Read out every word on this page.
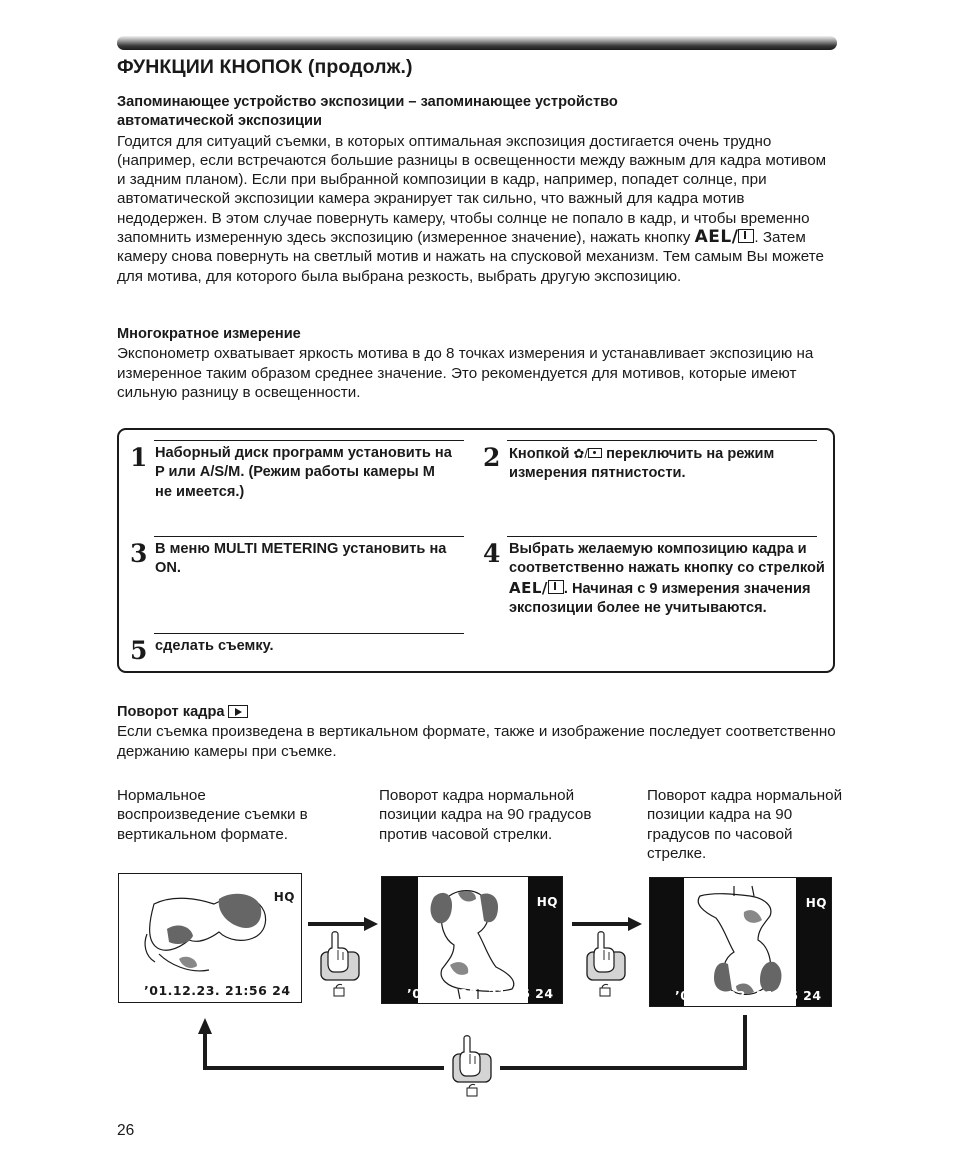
ФУНКЦИИ КНОПОК (продолж.)

Запоминающее устройство экспозиции – запоминающее устройство
автоматической экспозиции

Годится для ситуаций съемки, в которых оптимальная экспозиция достигается очень трудно (например, если встречаются большие разницы в освещенности между важным для кадра мотивом и задним планом). Если при выбранной композиции в кадр, например, попадет солнце, при автоматической экспозиции камера экранирует так сильно, что важный для кадра мотив недодержен. В этом случае повернуть камеру, чтобы солнце не попало в кадр, и чтобы временно запомнить измеренную здесь экспозицию (измеренное значение), нажать кнопку AEL/ . Затем камеру снова повернуть на светлый мотив и нажать на спусковой механизм. Тем самым Вы можете для мотива, для которого была выбрана резкость, выбрать другую экспозицию.

Многократное измерение

Экспонометр охватывает яркость мотива в до 8 точках измерения и устанавливает экспозицию на измеренное таким образом среднее значение. Это рекомендуется для мотивов, которые имеют сильную разницу в освещенности.

1 Наборный диск программ установить на P или A/S/M. (Режим работы камеры M не имеется.)
2 Кнопкой ✿/ переключить на режим измерения пятнистости.
3 В меню MULTI METERING установить на ON.
4 Выбрать желаемую композицию кадра и соответственно нажать кнопку со стрелкой AEL/ . Начиная с 9 измерения значения экспозиции более не учитываются.
5 сделать съемку.

Поворот кадра

Если съемка произведена в вертикальном формате, также и изображение последует соответственно держанию камеры при съемке.

Нормальное воспроизведение съемки в вертикальном формате.
Поворот кадра нормальной позиции кадра на 90 градусов против часовой стрелки.
Поворот кадра нормальной позиции кадра на 90 градусов по часовой стрелке.
HQ
’01.12.23. 21:56 24
HQ
’01.12.23. 21:56 24
HQ
’01.12.23. 21:56 24
26
